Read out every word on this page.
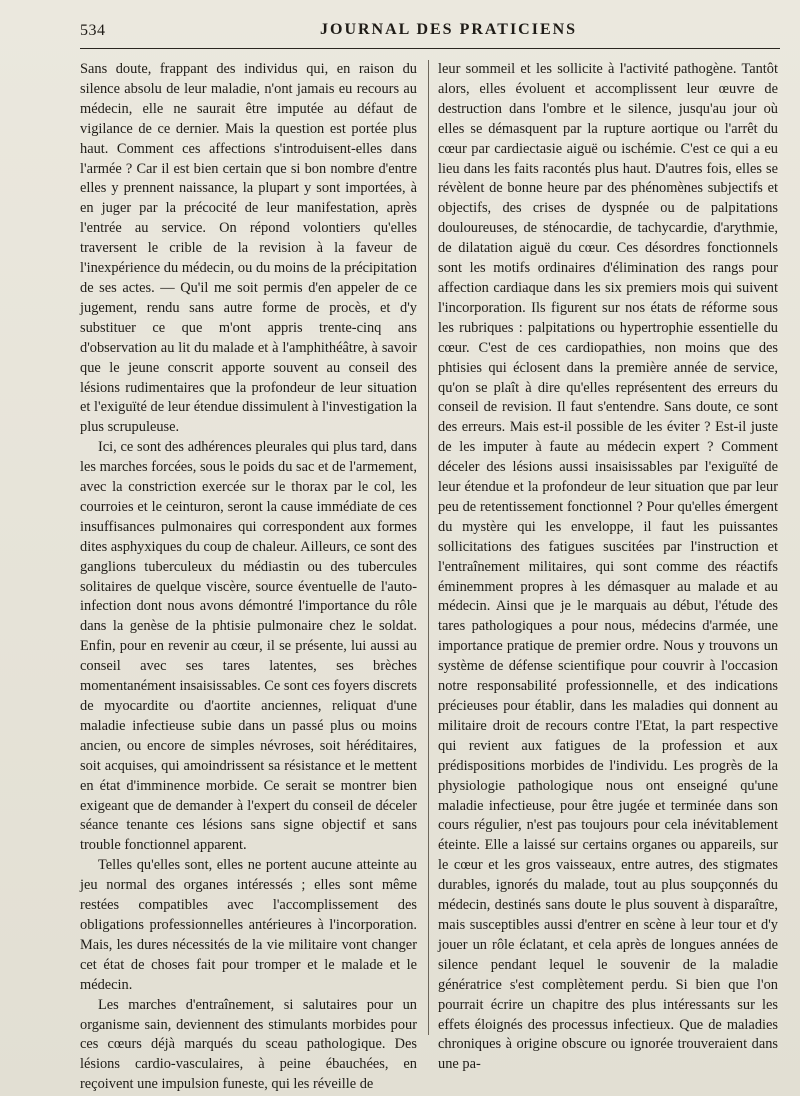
534	JOURNAL DES PRATICIENS

Sans doute, frappant des individus qui, en raison du silence absolu de leur maladie, n'ont jamais eu recours au médecin, elle ne saurait être imputée au défaut de vigilance de ce dernier. Mais la question est portée plus haut. Comment ces affections s'introduisent-elles dans l'armée ? Car il est bien certain que si bon nombre d'entre elles y prennent naissance, la plupart y sont importées, à en juger par la précocité de leur manifestation, après l'entrée au service. On répond volontiers qu'elles traversent le crible de la revision à la faveur de l'inexpérience du médecin, ou du moins de la précipitation de ses actes. — Qu'il me soit permis d'en appeler de ce jugement, rendu sans autre forme de procès, et d'y substituer ce que m'ont appris trente-cinq ans d'observation au lit du malade et à l'amphithéâtre, à savoir que le jeune conscrit apporte souvent au conseil des lésions rudimentaires que la profondeur de leur situation et l'exiguïté de leur étendue dissimulent à l'investigation la plus scrupuleuse.

Ici, ce sont des adhérences pleurales qui plus tard, dans les marches forcées, sous le poids du sac et de l'armement, avec la constriction exercée sur le thorax par le col, les courroies et le ceinturon, seront la cause immédiate de ces insuffisances pulmonaires qui correspondent aux formes dites asphyxiques du coup de chaleur. Ailleurs, ce sont des ganglions tuberculeux du médiastin ou des tubercules solitaires de quelque viscère, source éventuelle de l'auto-infection dont nous avons démontré l'importance du rôle dans la genèse de la phtisie pulmonaire chez le soldat. Enfin, pour en revenir au cœur, il se présente, lui aussi au conseil avec ses tares latentes, ses brèches momentanément insaisissables. Ce sont ces foyers discrets de myocardite ou d'aortite anciennes, reliquat d'une maladie infectieuse subie dans un passé plus ou moins ancien, ou encore de simples névroses, soit héréditaires, soit acquises, qui amoindrissent sa résistance et le mettent en état d'imminence morbide. Ce serait se montrer bien exigeant que de demander à l'expert du conseil de déceler séance tenante ces lésions sans signe objectif et sans trouble fonctionnel apparent.

Telles qu'elles sont, elles ne portent aucune atteinte au jeu normal des organes intéressés ; elles sont même restées compatibles avec l'accomplissement des obligations professionnelles antérieures à l'incorporation. Mais, les dures nécessités de la vie militaire vont changer cet état de choses fait pour tromper et le malade et le médecin.

Les marches d'entraînement, si salutaires pour un organisme sain, deviennent des stimulants morbides pour ces cœurs déjà marqués du sceau pathologique. Des lésions cardio-vasculaires, à peine ébauchées, en reçoivent une impulsion funeste, qui les réveille de

leur sommeil et les sollicite à l'activité pathogène. Tantôt alors, elles évoluent et accomplissent leur œuvre de destruction dans l'ombre et le silence, jusqu'au jour où elles se démasquent par la rupture aortique ou l'arrêt du cœur par cardiectasie aiguë ou ischémie. C'est ce qui a eu lieu dans les faits racontés plus haut. D'autres fois, elles se révèlent de bonne heure par des phénomènes subjectifs et objectifs, des crises de dyspnée ou de palpitations douloureuses, de sténocardie, de tachycardie, d'arythmie, de dilatation aiguë du cœur. Ces désordres fonctionnels sont les motifs ordinaires d'élimination des rangs pour affection cardiaque dans les six premiers mois qui suivent l'incorporation. Ils figurent sur nos états de réforme sous les rubriques : palpitations ou hypertrophie essentielle du cœur. C'est de ces cardiopathies, non moins que des phtisies qui éclosent dans la première année de service, qu'on se plaît à dire qu'elles représentent des erreurs du conseil de revision. Il faut s'entendre. Sans doute, ce sont des erreurs. Mais est-il possible de les éviter ? Est-il juste de les imputer à faute au médecin expert ? Comment déceler des lésions aussi insaisissables par l'exiguïté de leur étendue et la profondeur de leur situation que par leur peu de retentissement fonctionnel ? Pour qu'elles émergent du mystère qui les enveloppe, il faut les puissantes sollicitations des fatigues suscitées par l'instruction et l'entraînement militaires, qui sont comme des réactifs éminemment propres à les démasquer au malade et au médecin. Ainsi que je le marquais au début, l'étude des tares pathologiques a pour nous, médecins d'armée, une importance pratique de premier ordre. Nous y trouvons un système de défense scientifique pour couvrir à l'occasion notre responsabilité professionnelle, et des indications précieuses pour établir, dans les maladies qui donnent au militaire droit de recours contre l'Etat, la part respective qui revient aux fatigues de la profession et aux prédispositions morbides de l'individu. Les progrès de la physiologie pathologique nous ont enseigné qu'une maladie infectieuse, pour être jugée et terminée dans son cours régulier, n'est pas toujours pour cela inévitablement éteinte. Elle a laissé sur certains organes ou appareils, sur le cœur et les gros vaisseaux, entre autres, des stigmates durables, ignorés du malade, tout au plus soupçonnés du médecin, destinés sans doute le plus souvent à disparaître, mais susceptibles aussi d'entrer en scène à leur tour et d'y jouer un rôle éclatant, et cela après de longues années de silence pendant lequel le souvenir de la maladie génératrice s'est complètement perdu. Si bien que l'on pourrait écrire un chapitre des plus intéressants sur les effets éloignés des processus infectieux. Que de maladies chroniques à origine obscure ou ignorée trouveraient dans une pa-
